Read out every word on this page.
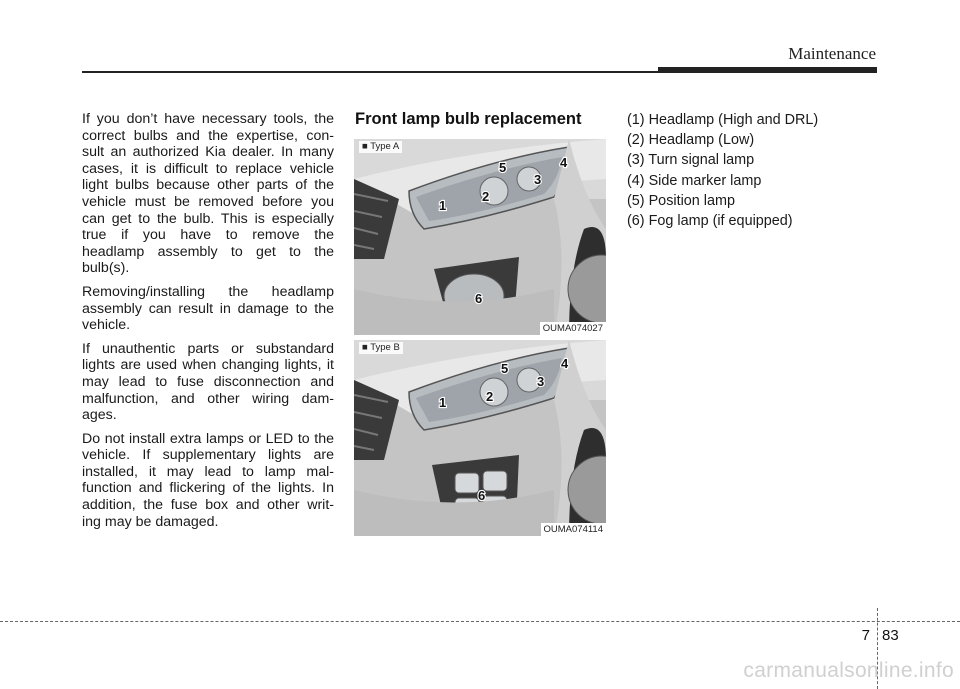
Maintenance

If you don’t have necessary tools, the correct bulbs and the expertise, con- sult an authorized Kia dealer. In many cases, it is difficult to replace vehicle light bulbs because other parts of the vehicle must be removed before you can get to the bulb. This is especially true if you have to remove the headlamp assembly to get to the bulb(s).

Removing/installing the headlamp assembly can result in damage to the vehicle.

If unauthentic parts or substandard lights are used when changing lights, it may lead to fuse disconnection and malfunction, and other wiring dam- ages.

Do not install extra lamps or LED to the vehicle. If supplementary lights are installed, it may lead to lamp mal- function and flickering of the lights. In addition, the fuse box and other writ- ing may be damaged.

Front lamp bulb replacement
1
2
3
4
5
6
■ Type A
OUMA074027
1	2
3
4
5
6
■ Type B
OUMA074114
(1) Headlamp (High and DRL)
(2) Headlamp (Low)
(3) Turn signal lamp
(4) Side marker lamp
(5) Position lamp
(6) Fog lamp (if equipped)
7 83
carmanualsonline.info
